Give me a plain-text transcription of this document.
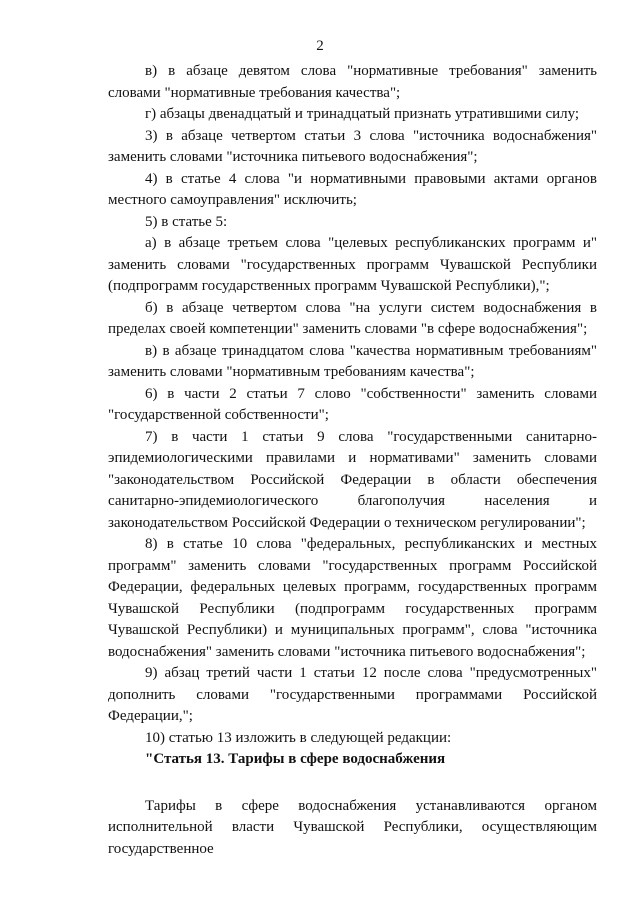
2

в) в абзаце девятом слова "нормативные требования" заменить словами "нормативные требования качества";

г) абзацы двенадцатый и тринадцатый признать утратившими силу;

3) в абзаце четвертом статьи 3 слова "источника водоснабжения" заменить словами "источника питьевого водоснабжения";

4) в статье 4 слова "и нормативными правовыми актами органов местного самоуправления" исключить;

5) в статье 5:

а) в абзаце третьем слова "целевых республиканских программ и" заменить словами "государственных программ Чувашской Республики (подпрограмм государственных программ Чувашской Республики),";

б) в абзаце четвертом слова "на услуги систем водоснабжения в пределах своей компетенции" заменить словами "в сфере водоснабжения";

в) в абзаце тринадцатом слова "качества нормативным требованиям" заменить словами "нормативным требованиям качества";

6) в части 2 статьи 7 слово "собственности" заменить словами "государственной собственности";

7) в части 1 статьи 9 слова "государственными санитарно-эпидемиологическими правилами и нормативами" заменить словами "законодательством Российской Федерации в области обеспечения санитарно-эпидемиологического благополучия населения и законодательством Российской Федерации о техническом регулировании";

8) в статье 10 слова "федеральных, республиканских и местных программ" заменить словами "государственных программ Российской Федерации, федеральных целевых программ, государственных программ Чувашской Республики (подпрограмм государственных программ Чувашской Республики) и муниципальных программ", слова "источника водоснабжения" заменить словами "источника питьевого водоснабжения";

9) абзац третий части 1 статьи 12 после слова "предусмотренных" дополнить словами "государственными программами Российской Федерации,";

10) статью 13 изложить в следующей редакции:

"Статья 13. Тарифы в сфере водоснабжения

Тарифы в сфере водоснабжения устанавливаются органом исполнительной власти Чувашской Республики, осуществляющим государственное
